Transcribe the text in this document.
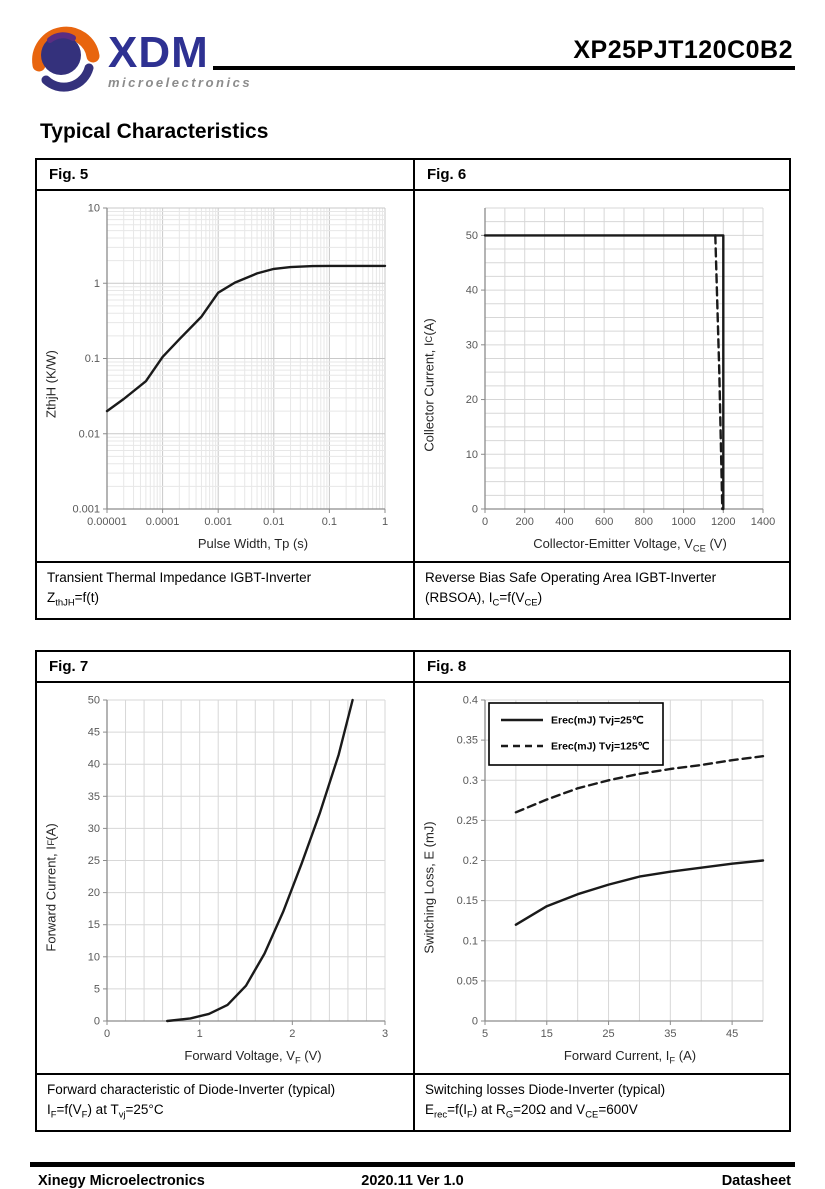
XDM
microelectronics
XP25PJT120C0B2
Typical Characteristics
Fig. 5
ZthjH (K/W)
0.00001 0.0001 0.001	0.01	0.1	1
0.001
0.01
0.1
1
10
Pulse Width, Tp (s)
Transient Thermal Impedance IGBT-Inverter
$Z_{thJH}=f(t)$
Fig. 6
Collector Current, I
C
(A)
0 200 400 600 800 1000 1200 1400
0
10
20
30
40
50
Collector-Emitter Voltage, $V_{CE}$ (V)
Reverse Bias Safe Operating Area IGBT-Inverter
(RBSOA), $I_C=f(V_{CE})$
Fig. 7
Forward Current, I
F
(A)
0	1	2	3
0
5
10
15
20
25
30
35
40
45
50
Forward Voltage, $V_F$ (V)
Forward characteristic of Diode-Inverter (typical)
$I_F=f(V_F)$ at $T_{vj}=25^\circ C$
Fig. 8
Switching Loss, E (mJ)
5	15	25	35	45
0
0.05
0.1
0.15
0.2
0.25
0.3
0.35
0.4
Erec(mJ) Tvj=25℃
Erec(mJ) Tvj=125℃
Forward Current, $I_F$ (A)
Switching losses Diode-Inverter (typical)
$E_{rec}=f(I_F)$ at $R_G=20\Omega$ and $V_{CE}=600V$
Xinegy Microelectronics	2020.11 Ver 1.0	Datasheet
